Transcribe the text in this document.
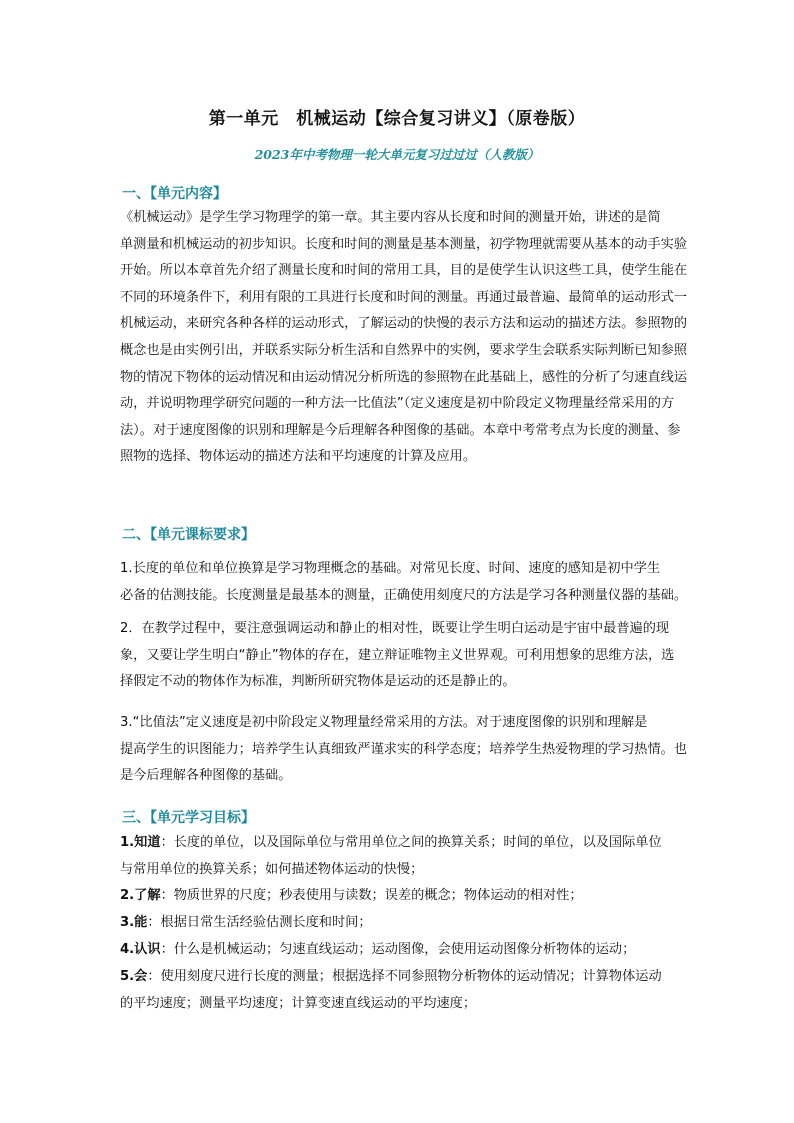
第一单元　机械运动【综合复习讲义】（原卷版）
2023年中考物理一轮大单元复习过过过（人教版）
一、【单元内容】
《机械运动》是学生学习物理学的第一章。其主要内容从长度和时间的测量开始，讲述的是简
单测量和机械运动的初步知识。长度和时间的测量是基本测量，初学物理就需要从基本的动手实验
开始。所以本章首先介绍了测量长度和时间的常用工具，目的是使学生认识这些工具，使学生能在
不同的环境条件下，利用有限的工具进行长度和时间的测量。再通过最普遍、最简单的运动形式一
机械运动，来研究各种各样的运动形式，了解运动的快慢的表示方法和运动的描述方法。参照物的
概念也是由实例引出，并联系实际分析生活和自然界中的实例，要求学生会联系实际判断已知参照
物的情况下物体的运动情况和由运动情况分析所选的参照物在此基础上，感性的分析了匀速直线运
动，并说明物理学研究问题的一种方法一比值法”（定义速度是初中阶段定义物理量经常采用的方
法）。对于速度图像的识别和理解是今后理解各种图像的基础。本章中考常考点为长度的测量、参
照物的选择、物体运动的描述方法和平均速度的计算及应用。
二、【单元课标要求】
1.长度的单位和单位换算是学习物理概念的基础。对常见长度、时间、速度的感知是初中学生
必备的估测技能。长度测量是最基本的测量，正确使用刻度尺的方法是学习各种测量仪器的基础。
2．在教学过程中，要注意强调运动和静止的相对性，既要让学生明白运动是宇宙中最普遍的现
象，又要让学生明白“静止”物体的存在，建立辩证唯物主义世界观。可利用想象的思维方法，选
择假定不动的物体作为标准，判断所研究物体是运动的还是静止的。
3.“比值法”定义速度是初中阶段定义物理量经常采用的方法。对于速度图像的识别和理解是
提高学生的识图能力；培养学生认真细致严谨求实的科学态度；培养学生热爱物理的学习热情。也
是今后理解各种图像的基础。
三、【单元学习目标】
1.知道：长度的单位，以及国际单位与常用单位之间的换算关系；时间的单位，以及国际单位
与常用单位的换算关系；如何描述物体运动的快慢；
2.了解：物质世界的尺度；秒表使用与读数；误差的概念；物体运动的相对性；
3.能：根据日常生活经验估测长度和时间；
4.认识：什么是机械运动；匀速直线运动；运动图像，会使用运动图像分析物体的运动；
5.会：使用刻度尺进行长度的测量；根据选择不同参照物分析物体的运动情况；计算物体运动
的平均速度；测量平均速度；计算变速直线运动的平均速度；
